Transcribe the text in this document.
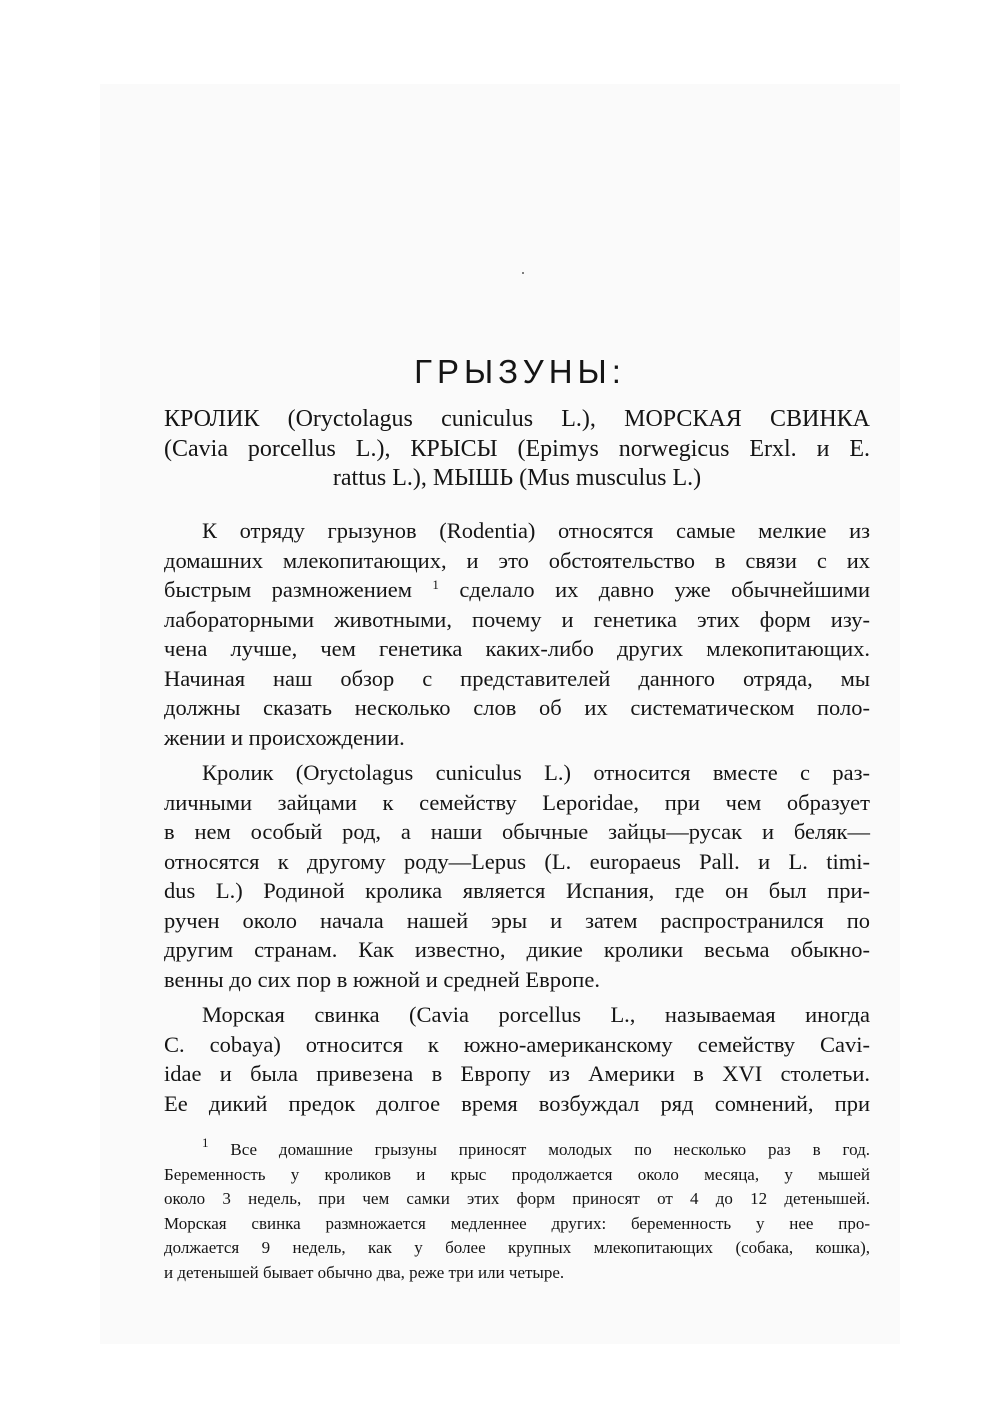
ГРЫЗУНЫ:
КРОЛИК (Oryctolagus cuniculus L.), МОРСКАЯ СВИНКА
(Cavia porcellus L.), КРЫСЫ (Epimys norwegicus Erxl. и E.
rattus L.), МЫШЬ (Mus musculus L.)
К отряду грызунов (Rodentia) относятся самые мелкие из
домашних млекопитающих, и это обстоятельство в связи с их
быстрым размножением $^1$ сделало их давно уже обычнейшими
лабораторными животными, почему и генетика этих форм изу-
чена лучше, чем генетика каких-либо других млекопитающих.
Начиная наш обзор с представителей данного отряда, мы
должны сказать несколько слов об их систематическом поло-
жении и происхождении.
Кролик (Oryctolagus cuniculus L.) относится вместе с раз-
личными зайцами к семейству Leporidae, при чем образует
в нем особый род, а наши обычные зайцы—русак и беляк—
относятся к другому роду—Lepus (L. europaeus Pall. и L. timi-
dus L.) Родиной кролика является Испания, где он был при-
ручен около начала нашей эры и затем распространился по
другим странам. Как известно, дикие кролики весьма обыкно-
венны до сих пор в южной и средней Европе.
Морская свинка (Cavia porcellus L., называемая иногда
C. cobaya) относится к южно-американскому семейству Cavi-
idae и была привезена в Европу из Америки в XVI столетьи.
Ее дикий предок долгое время возбуждал ряд сомнений, при
$^1$ Все домашние грызуны приносят молодых по несколько раз в год.
Беременность у кроликов и крыс продолжается около месяца, у мышей
около 3 недель, при чем самки этих форм приносят от 4 до 12 детенышей.
Морская свинка размножается медленнее других: беременность у нее про-
должается 9 недель, как у более крупных млекопитающих (собака, кошка),
и детенышей бывает обычно два, реже три или четыре.
